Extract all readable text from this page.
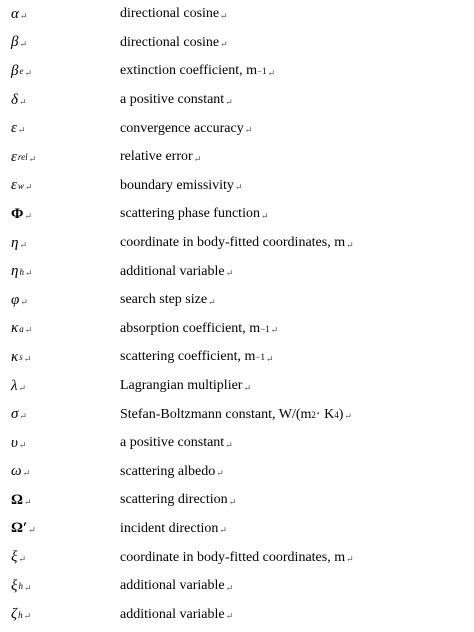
α ↵	directional cosine ↵
β ↵	directional cosine ↵
β e ↵	extinction coefficient, m −1 ↵
δ ↵	a positive constant ↵
ε ↵	convergence accuracy ↵
ε rel ↵	relative error ↵
ε w ↵	boundary emissivity ↵
Φ ↵	scattering phase function ↵
η ↵	coordinate in body-fitted coordinates, m ↵
η h ↵	additional variable ↵
φ ↵	search step size ↵
κ a ↵	absorption coefficient, m −1 ↵
κ s ↵	scattering coefficient, m −1 ↵
λ ↵	Lagrangian multiplier ↵
σ ↵	Stefan-Boltzmann constant, W/(m 2 · K 4 ) ↵
υ ↵	a positive constant ↵
ω ↵	scattering albedo ↵
Ω ↵	scattering direction ↵
Ω′ ↵	incident direction ↵
ξ ↵	coordinate in body-fitted coordinates, m ↵
ξ h ↵	additional variable ↵
ζ h ↵	additional variable ↵
